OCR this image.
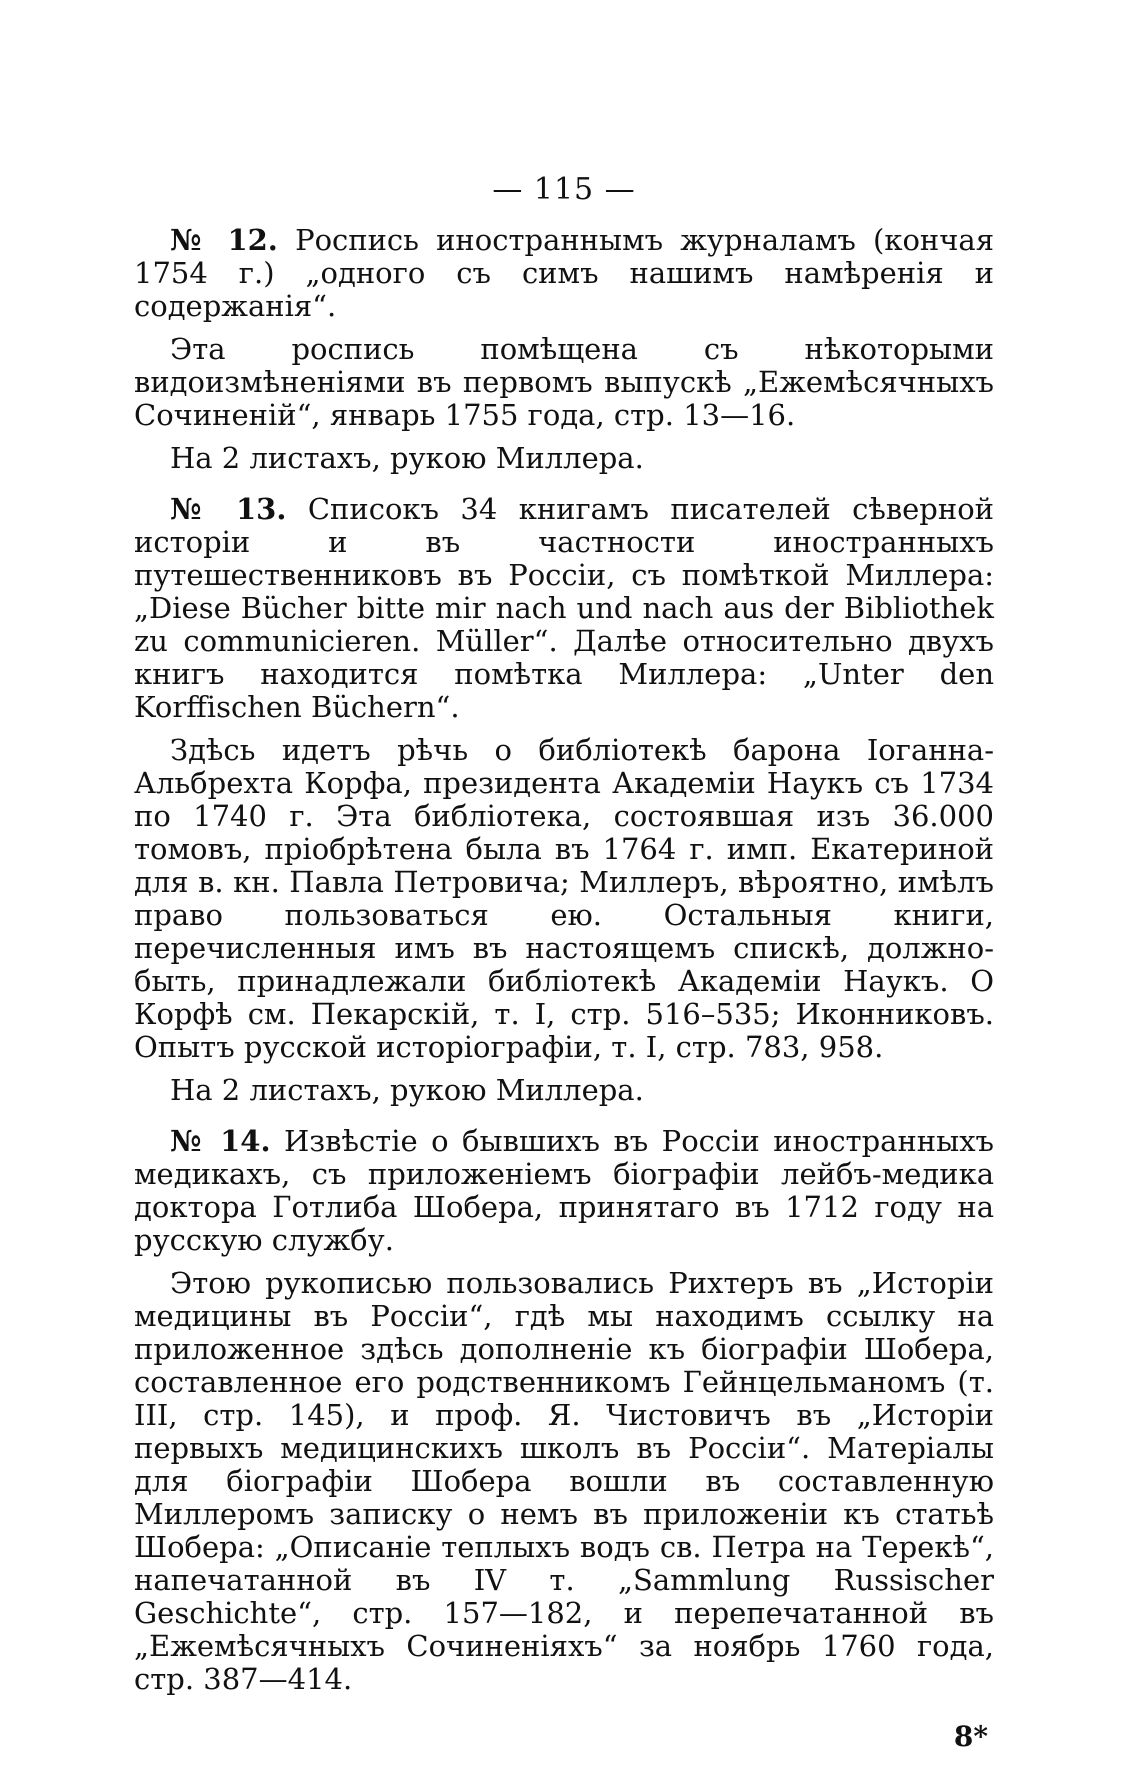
— 115 —

№ 12. Роспись иностраннымъ журналамъ (кончая 1754 г.) „одного съ симъ нашимъ намѣренія и содержанія“.

Эта роспись помѣщена съ нѣкоторыми видоизмѣненіями въ первомъ выпускѣ „Ежемѣсячныхъ Сочиненій“, январь 1755 года, стр. 13—16.

На 2 листахъ, рукою Миллера.

№ 13. Списокъ 34 книгамъ писателей сѣверной исторіи и въ частности иностранныхъ путешественниковъ въ Россіи, съ помѣткой Миллера: „Diese Bücher bitte mir nach und nach aus der Bibliothek zu communicieren. Müller“. Далѣе относительно двухъ книгъ находится помѣтка Миллера: „Unter den Korffischen Büchern“.

Здѣсь идетъ рѣчь о библіотекѣ барона Іоганна-Альбрехта Корфа, президента Академіи Наукъ съ 1734 по 1740 г. Эта библіотека, состоявшая изъ 36.000 томовъ, пріобрѣтена была въ 1764 г. имп. Екатериной для в. кн. Павла Петровича; Миллеръ, вѣроятно, имѣлъ право пользоваться ею. Остальныя книги, перечисленныя имъ въ настоящемъ спискѣ, должно-быть, принадлежали библіотекѣ Академіи Наукъ. О Корфѣ см. Пекарскій, т. I, стр. 516–535; Иконниковъ. Опытъ русской исторіографіи, т. I, стр. 783, 958.

На 2 листахъ, рукою Миллера.

№ 14. Извѣстіе о бывшихъ въ Россіи иностранныхъ медикахъ, съ приложеніемъ біографіи лейбъ-медика доктора Готлиба Шобера, принятаго въ 1712 году на русскую службу.

Этою рукописью пользовались Рихтеръ въ „Исторіи медицины въ Россіи“, гдѣ мы находимъ ссылку на приложенное здѣсь дополненіе къ біографіи Шобера, составленное его родственникомъ Гейнцельманомъ (т. III, стр. 145), и проф. Я. Чистовичъ въ „Исторіи первыхъ медицинскихъ школъ въ Россіи“. Матеріалы для біографіи Шобера вошли въ составленную Миллеромъ записку о немъ въ приложеніи къ статьѣ Шобера: „Описаніе теплыхъ водъ св. Петра на Терекѣ“, напечатанной въ IV т. „Sammlung Russischer Geschichte“, стр. 157—182, и перепечатанной въ „Ежемѣсячныхъ Сочиненіяхъ“ за ноябрь 1760 года, стр. 387—414.

8*
